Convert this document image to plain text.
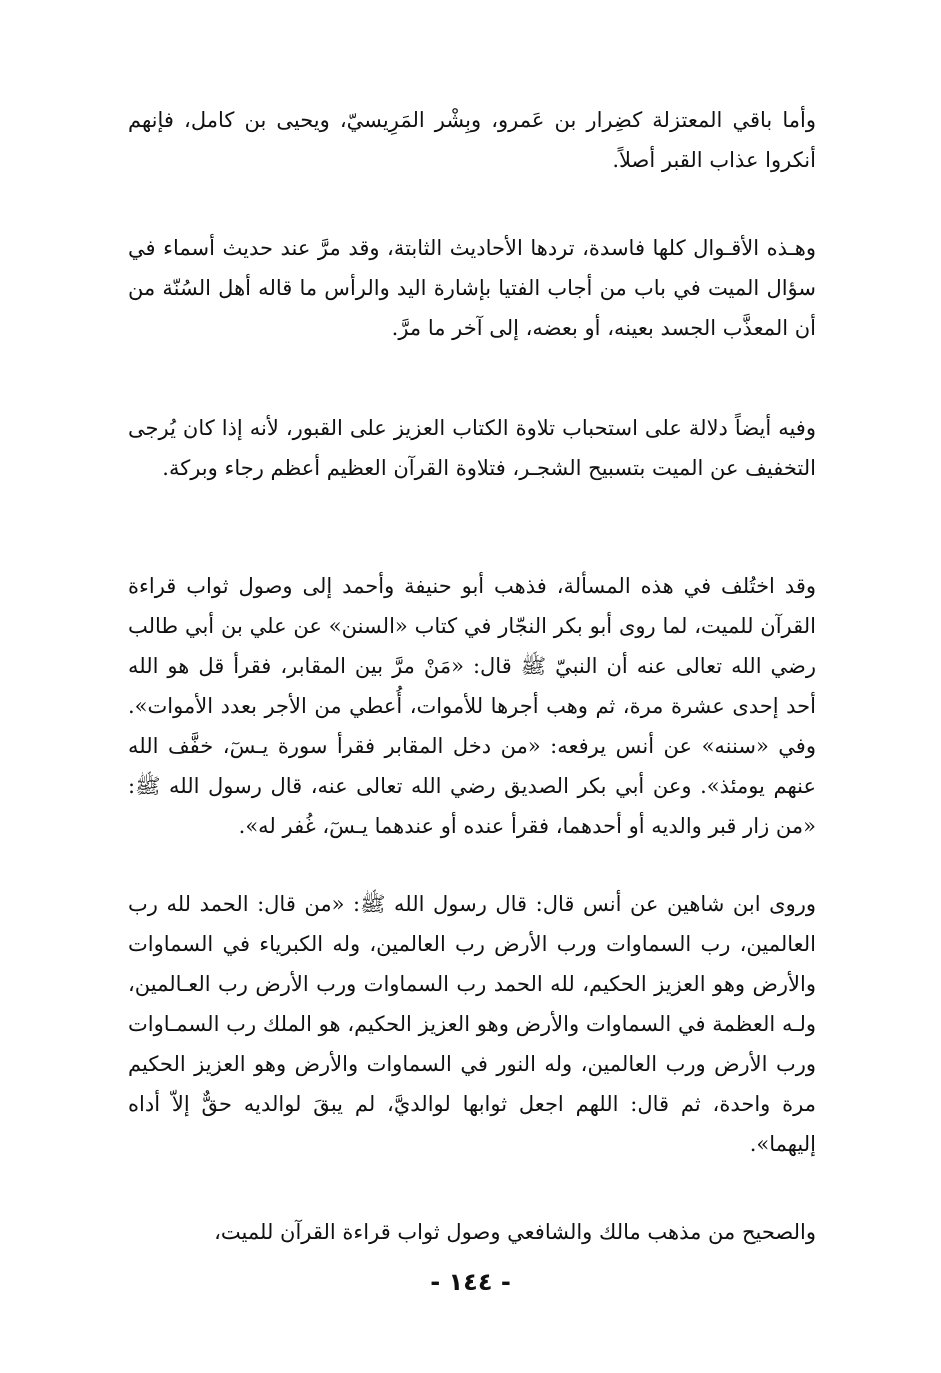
وأما باقي المعتزلة كضِرار بن عَمرو، وبِشْر المَرِيسيّ، ويحيى بن كامل، فإنهم أنكروا عذاب القبر أصلاً.

وهـذه الأقـوال كلها فاسدة، تردها الأحاديث الثابتة، وقد مرَّ عند حديث أسماء في سؤال الميت في باب من أجاب الفتيا بإشارة اليد والرأس ما قاله أهل السُنّة من أن المعذَّب الجسد بعينه، أو بعضه، إلى آخر ما مرَّ.

وفيه أيضاً دلالة على استحباب تلاوة الكتاب العزيز على القبور، لأنه إذا كان يُرجى التخفيف عن الميت بتسبيح الشجـر، فتلاوة القرآن العظيم أعظم رجاء وبركة.

وقد اختُلف في هذه المسألة، فذهب أبو حنيفة وأحمد إلى وصول ثواب قراءة القرآن للميت، لما روى أبو بكر النجّار في كتاب «السنن» عن علي بن أبي طالب رضي الله تعالى عنه أن النبيّ ﷺ قال: «مَنْ مرَّ بين المقابر، فقرأ قل هو الله أحد إحدى عشرة مرة، ثم وهب أجرها للأموات، أُعطي من الأجر بعدد الأموات». وفي «سننه» عن أنس يرفعه: «من دخل المقابر فقرأ سورة يـسٓ، خفَّف الله عنهم يومئذ». وعن أبي بكر الصديق رضي الله تعالى عنه، قال رسول الله ﷺ: «من زار قبر والديه أو أحدهما، فقرأ عنده أو عندهما يـسٓ، غُفر له».

وروى ابن شاهين عن أنس قال: قال رسول الله ﷺ: «من قال: الحمد لله رب العالمين، رب السماوات ورب الأرض رب العالمين، وله الكبرياء في السماوات والأرض وهو العزيز الحكيم، لله الحمد رب السماوات ورب الأرض رب العـالمين، ولـه العظمة في السماوات والأرض وهو العزيز الحكيم، هو الملك رب السمـاوات ورب الأرض ورب العالمين، وله النور في السماوات والأرض وهو العزيز الحكيم مرة واحدة، ثم قال: اللهم اجعل ثوابها لوالديَّ، لم يبقَ لوالديه حقٌّ إلاّ أداه إليهما».

والصحيح من مذهب مالك والشافعي وصول ثواب قراءة القرآن للميت،

- ١٤٤ -
